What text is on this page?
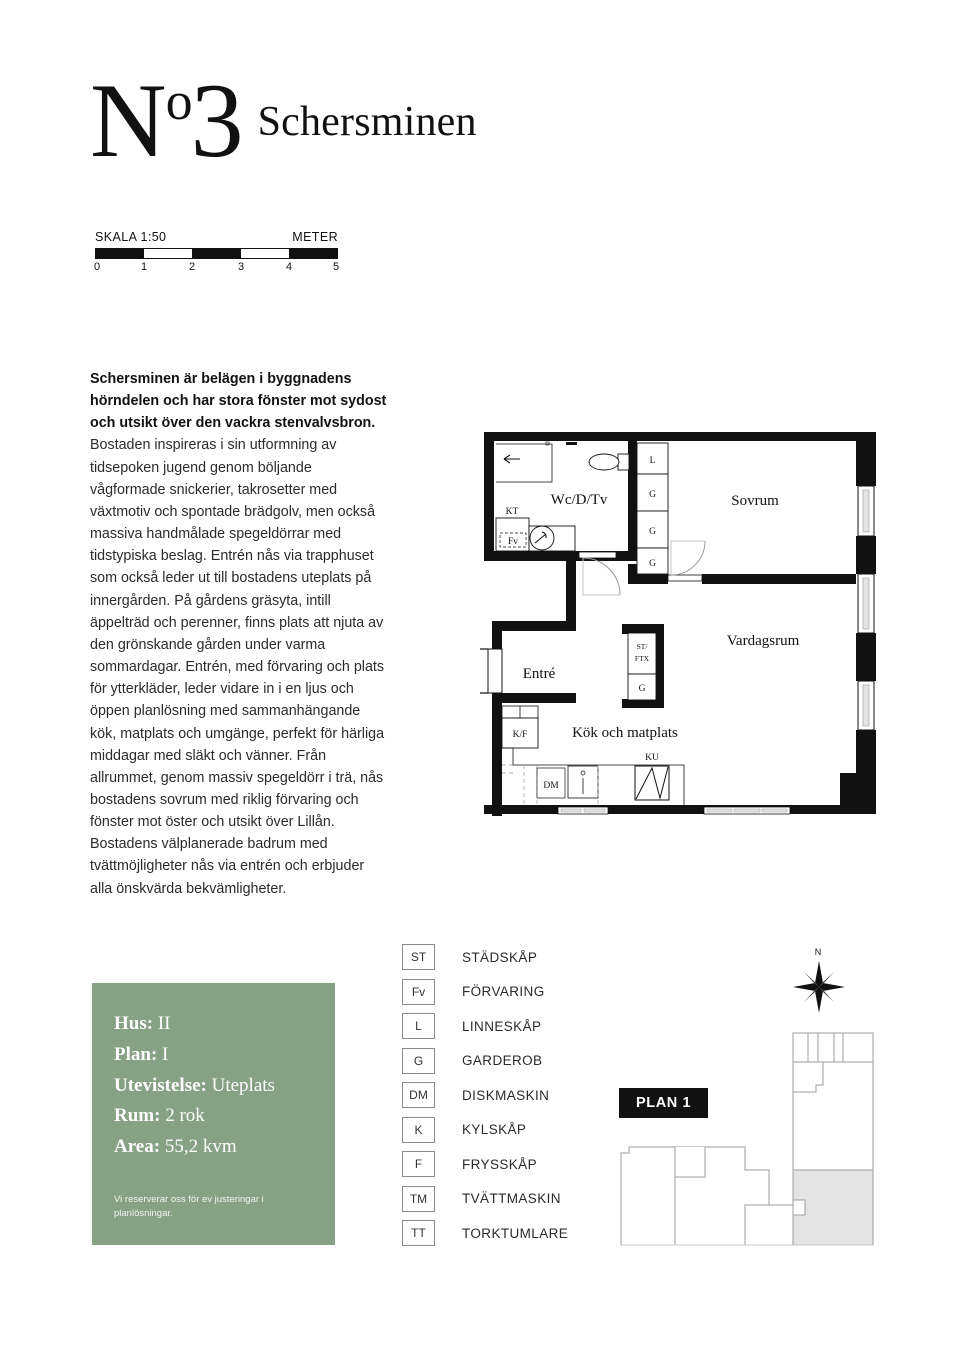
N o 3 Schersminen
SKALA 1:50	METER
0	1	2	3	4	5

Schersminen är belägen i byggnadens hörndelen och har stora fönster mot sydost och utsikt över den vackra stenvalvsbron. Bostaden inspireras i sin utformning av tidsepoken jugend genom böljande vågformade snickerier, takrosetter med växtmotiv och spontade brädgolv, men också massiva handmålade spegeldörrar med tidstypiska beslag. Entrén nås via trapphuset som också leder ut till bostadens uteplats på innergården. På gårdens gräsyta, intill äppelträd och perenner, finns plats att njuta av den grönskande gården under varma sommardagar. Entrén, med förvaring och plats för ytterkläder, leder vidare in i en ljus och öppen planlösning med sammanhängande kök, matplats och umgänge, perfekt för härliga middagar med släkt och vänner. Från allrummet, genom massiv spegeldörr i trä, nås bostadens sovrum med riklig förvaring och fönster mot öster och utsikt över Lillån. Bostadens välplanerade badrum med tvättmöjligheter nås via entrén och erbjuder alla önskvärda bekvämligheter.

L
G
G
G
ST/
FTX
G
KU
Wc/D/Tv	Sovrum
Entré
Vardagsrum
Kök och matplats
KT
Fv
K/F
DM
Hus: II
Plan: I
Utevistelse: Uteplats
Rum: 2 rok
Area: 55,2 kvm
Vi reserverar oss för ev justeringar i planlösningar.
ST	STÄDSKÅP
Fv	FÖRVARING
L	LINNESKÅP
G	GARDEROB
DM	DISKMASKIN
K	KYLSKÅP
F	FRYSSKÅP
TM	TVÄTTMASKIN
TT	TORKTUMLARE
N
PLAN 1
